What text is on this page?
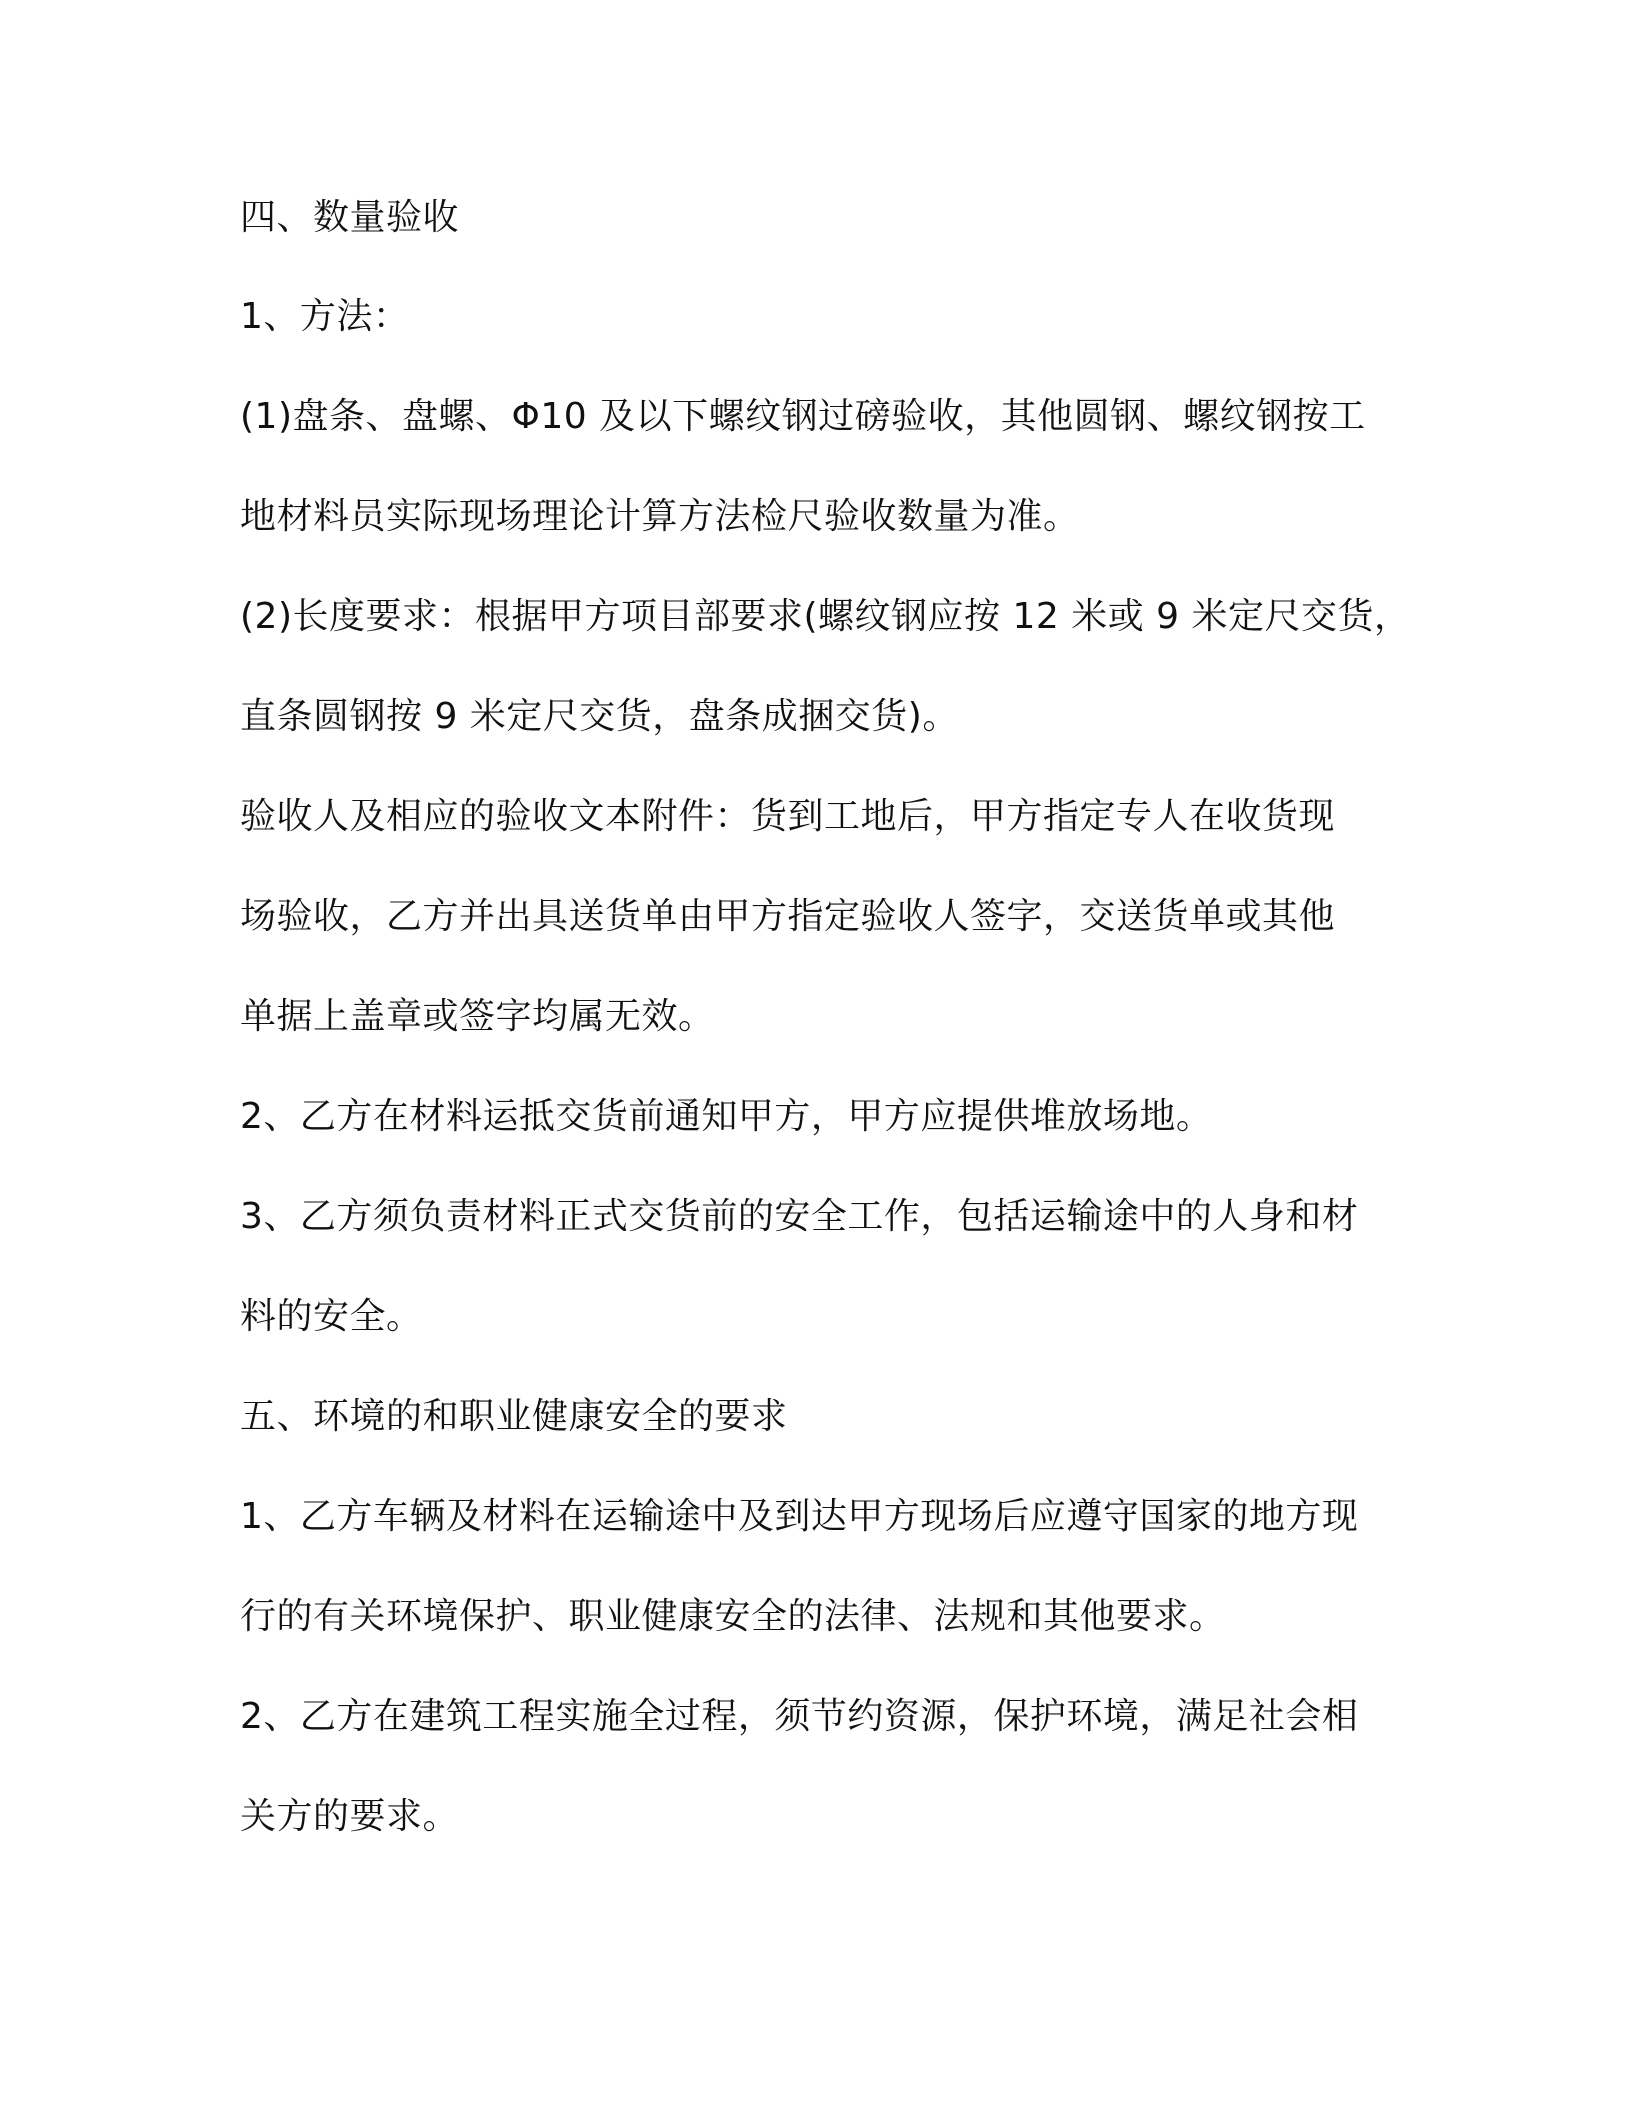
四、数量验收
1、方法：
(1)盘条、盘螺、Φ10 及以下螺纹钢过磅验收，其他圆钢、螺纹钢按工
地材料员实际现场理论计算方法检尺验收数量为准。
(2)长度要求：根据甲方项目部要求(螺纹钢应按 12 米或 9 米定尺交货，
直条圆钢按 9 米定尺交货，盘条成捆交货)。
验收人及相应的验收文本附件：货到工地后，甲方指定专人在收货现
场验收，乙方并出具送货单由甲方指定验收人签字，交送货单或其他
单据上盖章或签字均属无效。
2、乙方在材料运抵交货前通知甲方，甲方应提供堆放场地。
3、乙方须负责材料正式交货前的安全工作，包括运输途中的人身和材
料的安全。
五、环境的和职业健康安全的要求
1、乙方车辆及材料在运输途中及到达甲方现场后应遵守国家的地方现
行的有关环境保护、职业健康安全的法律、法规和其他要求。
2、乙方在建筑工程实施全过程，须节约资源，保护环境，满足社会相
关方的要求。
